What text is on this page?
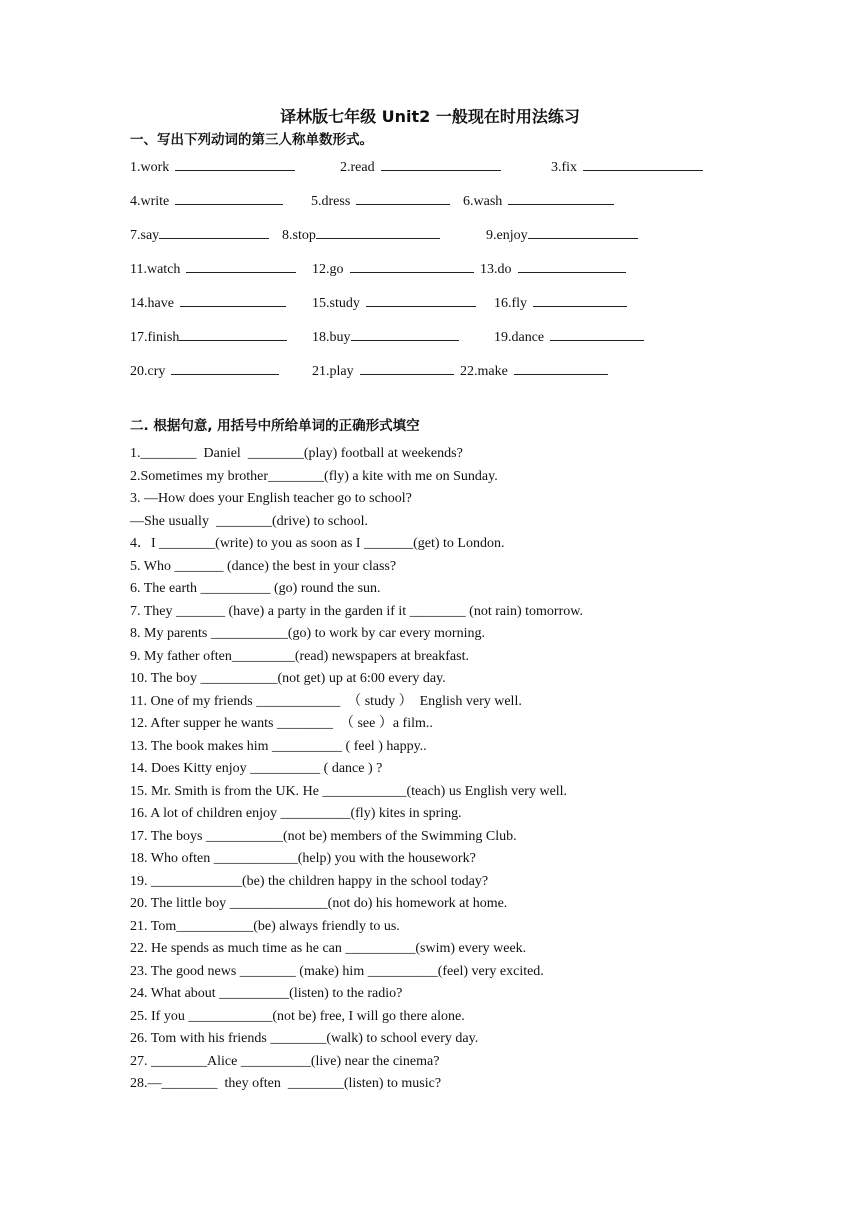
译林版七年级 Unit2 一般现在时用法练习
一、写出下列动词的第三人称单数形式。
1.work	2.read	3.fix
4.write	5.dress	6.wash
7.say	8.stop	9.enjoy
11.watch	12.go	13.do
14.have	15.study	16.fly
17.finish	18.buy	19.dance
20.cry	21.play	22.make
二. 根据句意, 用括号中所给单词的正确形式填空
1.________  Daniel  ________(play) football at weekends?
2.Sometimes my brother________(fly) a kite with me on Sunday.
3. —How does your English teacher go to school?
—She usually  ________(drive) to school.
4．I ________(write) to you as soon as I _______(get) to London.
5. Who _______ (dance) the best in your class?
6. The earth __________ (go) round the sun.
7. They _______ (have) a party in the garden if it ________ (not rain) tomorrow.
8. My parents ___________(go) to work by car every morning.
9. My father often_________(read) newspapers at breakfast.
10. The boy ___________(not get) up at 6:00 every day.
11. One of my friends ____________  （ study ）  English very well.
12. After supper he wants ________  （ see ）a film..
13. The book makes him __________ ( feel ) happy..
14. Does Kitty enjoy __________ ( dance ) ?
15. Mr. Smith is from the UK. He ____________(teach) us English very well.
16. A lot of children enjoy __________(fly) kites in spring.
17. The boys ___________(not be) members of the Swimming Club.
18. Who often ____________(help) you with the housework?
19. _____________(be) the children happy in the school today?
20. The little boy ______________(not do) his homework at home.
21. Tom___________(be) always friendly to us.
22. He spends as much time as he can __________(swim) every week.
23. The good news ________ (make) him __________(feel) very excited.
24. What about __________(listen) to the radio?
25. If you ____________(not be) free, I will go there alone.
26. Tom with his friends ________(walk) to school every day.
27. ________Alice __________(live) near the cinema?
28.—________  they often  ________(listen) to music?
